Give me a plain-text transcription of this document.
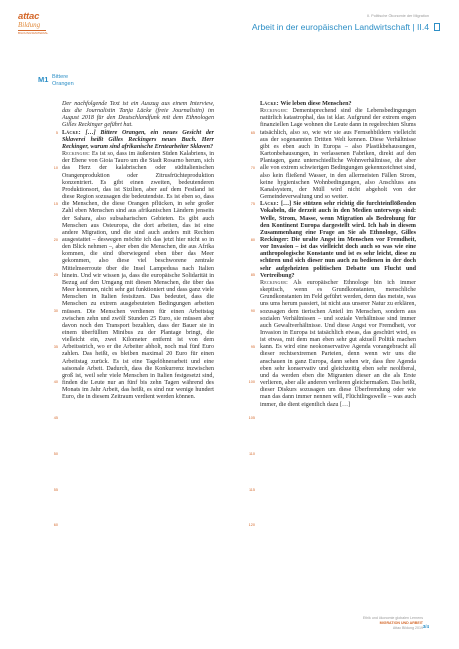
attac
Bildung
BILDUNGSMATERIAL
II. Politische Ökonomie der Migration
Arbeit in der europäischen Landwirtschaft | II.4
M1 Bittere
Orangen
5
10
15
20
25
30
35
40
45
50
55
60
65
70
75
80
85
90
95
100
105
110
115
120

Der nachfolgende Text ist ein Auszug aus einem Interview, das die Journalistin Tanja Läcke (freie Journalistin) im August 2018 für den Deutschlandfunk mit dem Ethnologen Gilles Reckinger geführt hat.

Läcke: […] Bittere Orangen, ein neues Gesicht der Sklaverei heißt Gilles Reckingers neues Buch. Herr Reckinger, warum sind afrikanische Erntearbeiter Sklaven?

Reckinger: Es ist so, dass im äußersten Süden Kalabriens, in der Ebene von Gioia Tauro um die Stadt Rosarno herum, sich das Herz der kalabrischen oder süditalienischen Orangenproduktion oder Zitrusfrüchteproduktion konzentriert. Es gibt einen zweiten, bedeutenderen Produktionsort, das ist Sizilien, aber auf dem Festland ist diese Region sozusagen die bedeutendste. Es ist eben so, dass die Menschen, die diese Orangen pflücken, in sehr großer Zahl eben Menschen sind aus afrikanischen Ländern jenseits der Sahara, also subsaharischen Gebieten. Es gibt auch Menschen aus Osteuropa, die dort arbeiten, das ist eine andere Migration, und die sind auch anders mit Rechten ausgestattet – deswegen möchte ich das jetzt hier nicht so in den Blick nehmen –, aber eben die Menschen, die aus Afrika kommen, die sind überwiegend eben über das Meer gekommen, also diese viel beschworene zentrale Mittelmeerroute über die Insel Lampedusa nach Italien hinein. Und wir wissen ja, dass die europäische Solidarität in Bezug auf den Umgang mit diesen Menschen, die über das Meer kommen, nicht sehr gut funktioniert und dass ganz viele Menschen in Italien festsitzen. Das bedeutet, dass die Menschen zu extrem ausgebeuteten Bedingungen arbeiten müssen. Die Menschen verdienen für einen Arbeitstag zwischen zehn und zwölf Stunden 25 Euro, sie müssen aber davon noch den Transport bezahlen, dass der Bauer sie in einem überfüllten Minibus zu der Plantage bringt, die vielleicht ein, zwei Kilometer entfernt ist von dem Arbeitsstrich, wo er die Arbeiter abholt, noch mal fünf Euro zahlen. Das heißt, es bleiben maximal 20 Euro für einen Arbeitstag zurück. Es ist eine Tagelöhnerarbeit und eine saisonale Arbeit. Dadurch, dass die Konkurrenz inzwischen groß ist, weil sehr viele Menschen in Italien festgesetzt sind, finden die Leute nur an fünf bis zehn Tagen während des Monats im Jahr Arbeit, das heißt, es sind nur wenige hundert Euro, die in diesem Zeitraum verdient werden können.

Läcke: Wie leben diese Menschen?

Reckinger: Dementsprechend sind die Lebensbedingungen natürlich katastrophal, das ist klar. Aufgrund der extrem engen finanziellen Lage wohnen die Leute dann in regelrechten Slums tatsächlich, also so, wie wir sie aus Fernsehbildern vielleicht aus der sogenannten Dritten Welt kennen. Diese Verhältnisse gibt es eben auch in Europa – also Plastikbehausungen, Kartonbehausungen, in verlassenen Fabriken, direkt auf den Plantagen, ganz unterschiedliche Wohnverhältnisse, die aber alle von extrem schwierigen Bedingungen gekennzeichnet sind, also kein fließend Wasser, in den allermeisten Fällen Strom, keine hygienischen Wohnbedingungen, also Anschluss ans Kanalsystem, der Müll wird nicht abgeholt von der Gemeindeverwaltung und so weiter.

Läcke: […] Sie stützen sehr richtig die furchteinflößenden Vokabeln, die derzeit auch in den Medien unterwegs sind: Welle, Strom, Masse, wenn Migration als Bedrohung für den Kontinent Europa dargestellt wird. Ich hab in diesem Zusammenhang eine Frage an Sie als Ethnologe, Gilles Reckinger: Die uralte Angst im Menschen vor Fremdheit, vor Invasion – ist das vielleicht doch auch so was wie eine anthropologische Konstante und ist es sehr leicht, diese zu schüren und sich dieser nun auch zu bedienen in der doch sehr aufgeheizten politischen Debatte um Flucht und Vertreibung?

Reckinger: Als europäischer Ethnologe bin ich immer skeptisch, wenn es Grundkonstanten, menschliche Grundkonstanten im Feld geführt werden, denn das meiste, was uns ums herum passiert, ist nicht aus unserer Natur zu erklären, sozusagen dem tierischen Anteil im Menschen, sondern aus sozialen Verhältnissen – und soziale Verhältnisse sind immer auch Gewaltverhältnisse. Und diese Angst vor Fremdheit, vor Invasion in Europa ist tatsächlich etwas, das geschürt wird, es ist etwas, mit dem man eben sehr gut aktuell Politik machen kann. Es wird eine neokonservative Agenda vorangebracht all dieser rechtsextremen Parteien, denn wenn wir uns die anschauen in ganz Europa, dann sehen wir, dass ihre Agenda eben sehr konservativ und gleichzeitig eben sehr neoliberal, und da werden eben die Migranten dieser an die als Erste verlieren, aber alle anderen verlieren gleichermaßen. Das heißt, dieser Diskurs sozusagen um diese Überfremdung oder wie man das dann immer nennen will, Flüchtlingswelle – was auch immer, die dient eigentlich dazu […]

Ethik und ökonomie globalen Lernens
MIGRATION UND ARBEIT
Attac Bildung 2019 3/4
